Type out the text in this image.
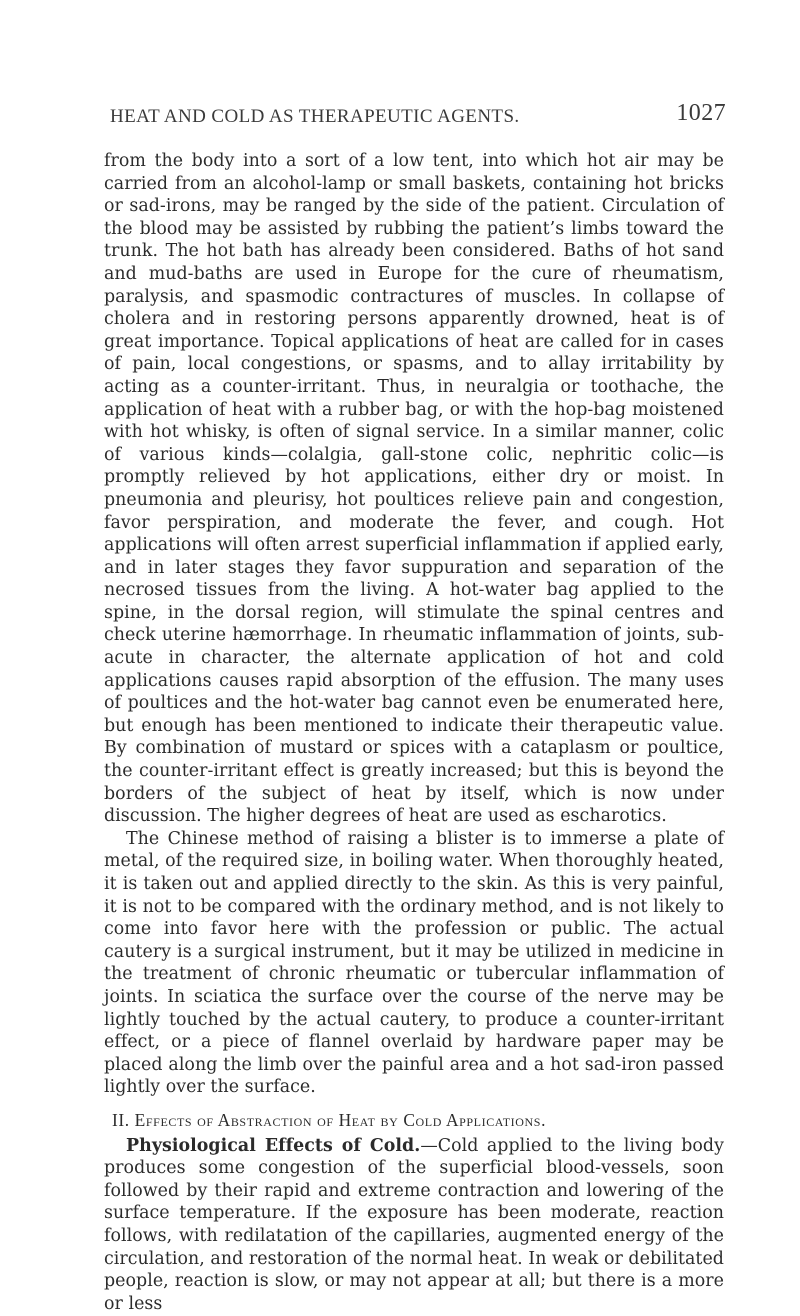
HEAT AND COLD AS THERAPEUTIC AGENTS.	1027

from the body into a sort of a low tent, into which hot air may be carried from an alcohol-lamp or small baskets, containing hot bricks or sad-irons, may be ranged by the side of the patient. Circulation of the blood may be assisted by rubbing the patient’s limbs toward the trunk. The hot bath has already been considered. Baths of hot sand and mud-baths are used in Europe for the cure of rheumatism, paralysis, and spasmodic contractures of muscles. In collapse of cholera and in restoring persons apparently drowned, heat is of great importance. Topical applications of heat are called for in cases of pain, local congestions, or spasms, and to allay irritability by acting as a counter-irritant. Thus, in neuralgia or toothache, the application of heat with a rubber bag, or with the hop-bag moistened with hot whisky, is often of signal service. In a similar manner, colic of various kinds—colalgia, gall-stone colic, nephritic colic—is promptly relieved by hot applications, either dry or moist. In pneumonia and pleurisy, hot poultices relieve pain and congestion, favor perspiration, and moderate the fever, and cough. Hot applications will often arrest superficial inflammation if applied early, and in later stages they favor suppuration and separation of the necrosed tissues from the living. A hot-water bag applied to the spine, in the dorsal region, will stimulate the spinal centres and check uterine hæmorrhage. In rheumatic inflammation of joints, sub-acute in character, the alternate application of hot and cold applications causes rapid absorption of the effusion. The many uses of poultices and the hot-water bag cannot even be enumerated here, but enough has been mentioned to indicate their therapeutic value. By combination of mustard or spices with a cataplasm or poultice, the counter-irritant effect is greatly increased; but this is beyond the borders of the subject of heat by itself, which is now under discussion. The higher degrees of heat are used as escharotics.

The Chinese method of raising a blister is to immerse a plate of metal, of the required size, in boiling water. When thoroughly heated, it is taken out and applied directly to the skin. As this is very painful, it is not to be compared with the ordinary method, and is not likely to come into favor here with the profession or public. The actual cautery is a surgical instrument, but it may be utilized in medicine in the treatment of chronic rheumatic or tubercular inflammation of joints. In sciatica the surface over the course of the nerve may be lightly touched by the actual cautery, to produce a counter-irritant effect, or a piece of flannel overlaid by hardware paper may be placed along the limb over the painful area and a hot sad-iron passed lightly over the surface.

II. Effects of Abstraction of Heat by Cold Applications.

Physiological Effects of Cold.—Cold applied to the living body produces some congestion of the superficial blood-vessels, soon followed by their rapid and extreme contraction and lowering of the surface temperature. If the exposure has been moderate, reaction follows, with redilatation of the capillaries, augmented energy of the circulation, and restoration of the normal heat. In weak or debilitated people, reaction is slow, or may not appear at all; but there is a more or less
